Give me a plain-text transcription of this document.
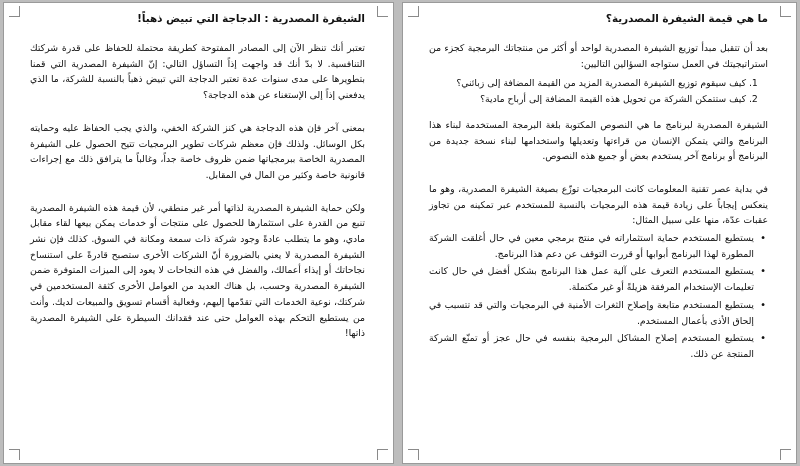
الشيفرة المصدرية : الدجاجة التي تبيض ذهباً!

تعتبر أنك تنظر الآن إلى المصادر المفتوحة كطريقة محتملة للحفاظ على قدرة شركتك التنافسية. لا بدّ أنك قد واجهت إذاً التساؤل التالي: إنّ الشيفرة المصدرية التي قمنا بتطويرها على مدى سنوات عدة تعتبر الدجاجة التي تبيض ذهباً بالنسبة للشركة، ما الذي يدفعني إذاً إلى الإستغناء عن هذه الدجاجة؟

بمعنى آخر فإن هذه الدجاجة هي كنز الشركة الخفي، والذي يجب الحفاظ عليه وحمايته بكل الوسائل. ولذلك فإن معظم شركات تطوير البرمجيات تتيح الحصول على الشيفرة المصدرية الخاصة ببرمجياتها ضمن ظروف خاصة جداً، وغالباً ما يترافق ذلك مع إجراءات قانونية خاصة وكثير من المال في المقابل.

ولكن حماية الشيفرة المصدرية لذاتها أمر غير منطقي، لأن قيمة هذه الشيفرة المصدرية تنبع من القدرة على استثمارها للحصول على منتجات أو خدمات يمكن بيعها لقاء مقابل مادي، وهو ما يتطلب عادةً وجود شركة ذات سمعة ومكانة في السوق. كذلك فإن نشر الشيفرة المصدرية لا يعني بالضرورة أنّ الشركات الأخرى ستصبح قادرةً على استنساخ نجاحاتك أو إيذاء أعمالك، والفضل في هذه النجاحات لا يعود إلى الميزات المتوفرة ضمن الشيفرة المصدرية وحسب، بل هناك العديد من العوامل الأخرى كثقة المستخدمين في شركتك، نوعية الخدمات التي تقدّمها إليهم، وفعالية أقسام تسويق والمبيعات لديك. وأنت من يستطيع التحكم بهذه العوامل حتى عند فقدانك السيطرة على الشيفرة المصدرية ذاتها!

ما هي قيمة الشيفرة المصدرية؟

بعد أن تتقبل مبدأ توزيع الشيفرة المصدرية لواحد أو أكثر من منتجاتك البرمجية كجزء من استراتيجيتك في العمل ستواجه السؤالين التاليين:

1. كيف سيقوم توزيع الشيفرة المصدرية المزيد من القيمة المضافة إلى زبائني؟
2. كيف ستتمكن الشركة من تحويل هذه القيمة المضافة إلى أرباح مادية؟

الشيفرة المصدرية لبرنامج ما هي النصوص المكتوبة بلغة البرمجة المستخدمة لبناء هذا البرنامج والتي يتمكن الإنسان من قراءتها وتعديلها واستخدامها لبناء نسخة جديدة من البرنامج أو برنامج آخر يستخدم بعض أو جميع هذه النصوص.

في بداية عصر تقنية المعلومات كانت البرمجيات توزّع بصيغة الشيفرة المصدرية، وهو ما ينعكس إيجاباً على زيادة قيمة هذه البرمجيات بالنسبة للمستخدم عبر تمكينه من تجاوز عقبات عدّة، منها على سبيل المثال:

• يستطيع المستخدم حماية استثماراته في منتج برمجي معين في حال أغلقت الشركة المطورة لهذا البرنامج أبوابها أو قررت التوقف عن دعم هذا البرنامج.
• يستطيع المستخدم التعرف على آلية عمل هذا البرنامج بشكل أفضل في حال كانت تعليمات الإستخدام المرفقة هزيلةً أو غير مكتملة.
• يستطيع المستخدم متابعة وإصلاح الثغرات الأمنية في البرمجيات والتي قد تتسبب في إلحاق الأذى بأعمال المستخدم.
• يستطيع المستخدم إصلاح المشاكل البرمجية بنفسه في حال عجز أو تمنّع الشركة المنتجة عن ذلك.
